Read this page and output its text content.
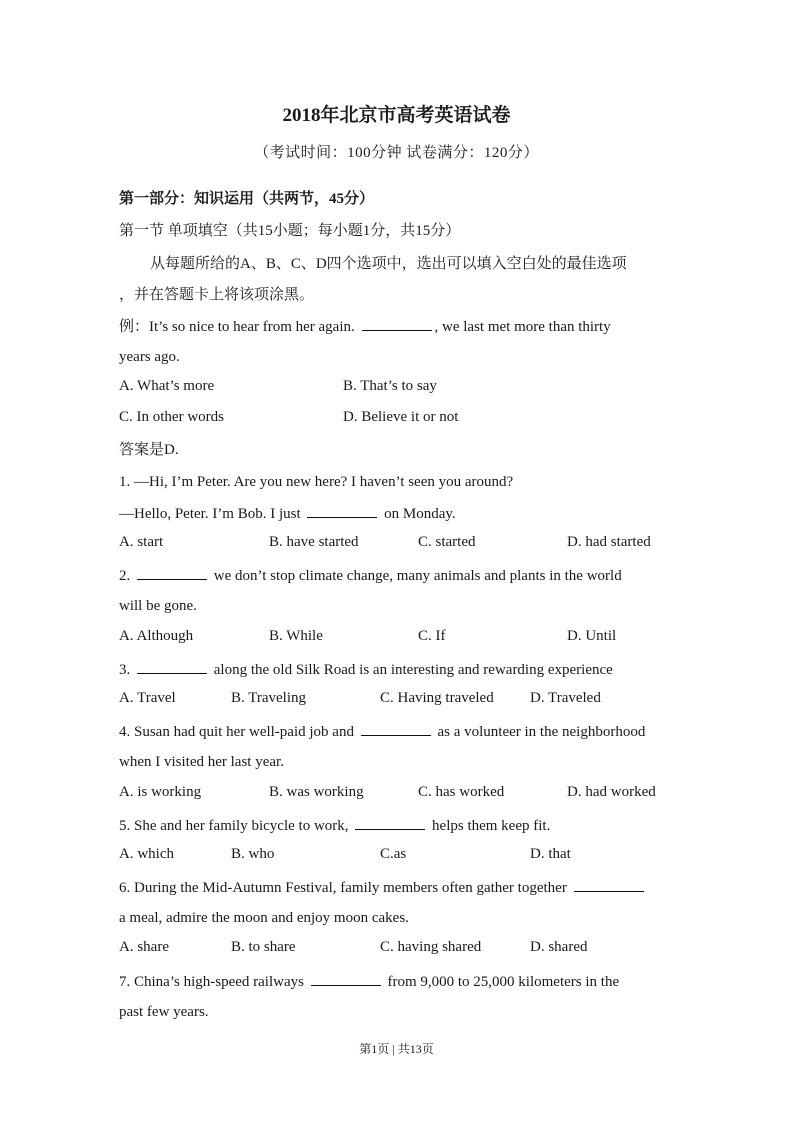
2018年北京市高考英语试卷
（考试时间：100分钟 试卷满分：120分）
第一部分：知识运用（共两节，45分）
第一节 单项填空（共15小题；每小题1分，共15分）
从每题所给的A、B、C、D四个选项中，选出可以填入空白处的最佳选项
，并在答题卡上将该项涂黑。
例：It’s so nice to hear from her again.	, we last met more than thirty
years ago.
A. What’s more	B. That’s to say
C. In other words	D. Believe it or not
答案是D.
1. —Hi, I’m Peter. Are you new here? I haven’t seen you around?
—Hello, Peter. I’m Bob. I just	on Monday.
A. start	B. have started	C. started	D. had started
2.	we don’t stop climate change, many animals and plants in the world
will be gone.
A. Although	B. While	C. If	D. Until
3.	along the old Silk Road is an interesting and rewarding experience
A. Travel	B. Traveling	C. Having traveled D. Traveled
4. Susan had quit her well-paid job and	as a volunteer in the neighborhood
when I visited her last year.
A. is working	B. was working	C. has worked	D. had worked
5. She and her family bicycle to work,	helps them keep fit.
A. which	B. who	C.as	D. that
6. During the Mid-Autumn Festival, family members often gather together
a meal, admire the moon and enjoy moon cakes.
A. share	B. to share	C. having shared	D. shared
7. China’s high-speed railways	from 9,000 to 25,000 kilometers in the
past few years.
第1页 | 共13页
